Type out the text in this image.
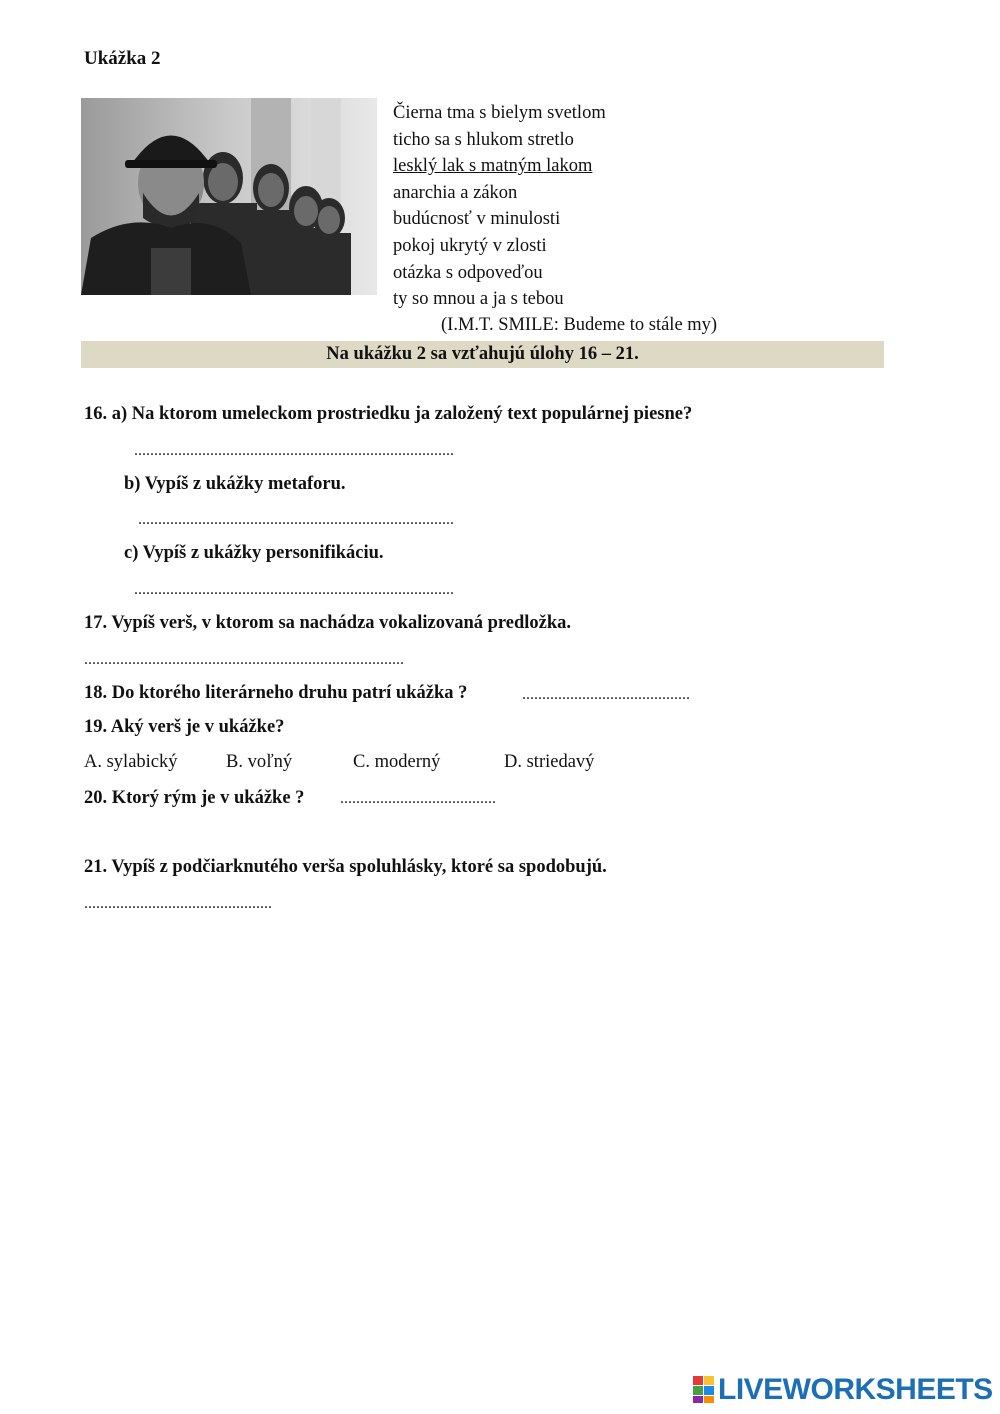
Ukážka 2
Čierna tma s bielym svetlom
ticho sa s hlukom stretlo
lesklý lak s matným lakom
anarchia a zákon
budúcnosť v minulosti
pokoj ukrytý v zlosti
otázka s odpoveďou
ty so mnou a ja s tebou
(I.M.T. SMILE: Budeme to stále my)
Na ukážku 2 sa vzťahujú úlohy 16 – 21.
16. a) Na ktorom umeleckom prostriedku ja založený text populárnej piesne?
................................................................................
b) Vypíš z ukážky metaforu.
...............................................................................
c) Vypíš z ukážky personifikáciu.
................................................................................
17. Vypíš verš, v ktorom sa nachádza vokalizovaná predložka.
................................................................................
18. Do ktorého literárneho druhu patrí ukážka ?	..........................................
19. Aký verš je v ukážke?
A. sylabický	B. voľný	C. moderný	D. striedavý
20. Ktorý rým je v ukážke ? .......................................
21. Vypíš z podčiarknutého verša spoluhlásky, ktoré sa spodobujú.
...............................................
LIVEWORKSHEETS
